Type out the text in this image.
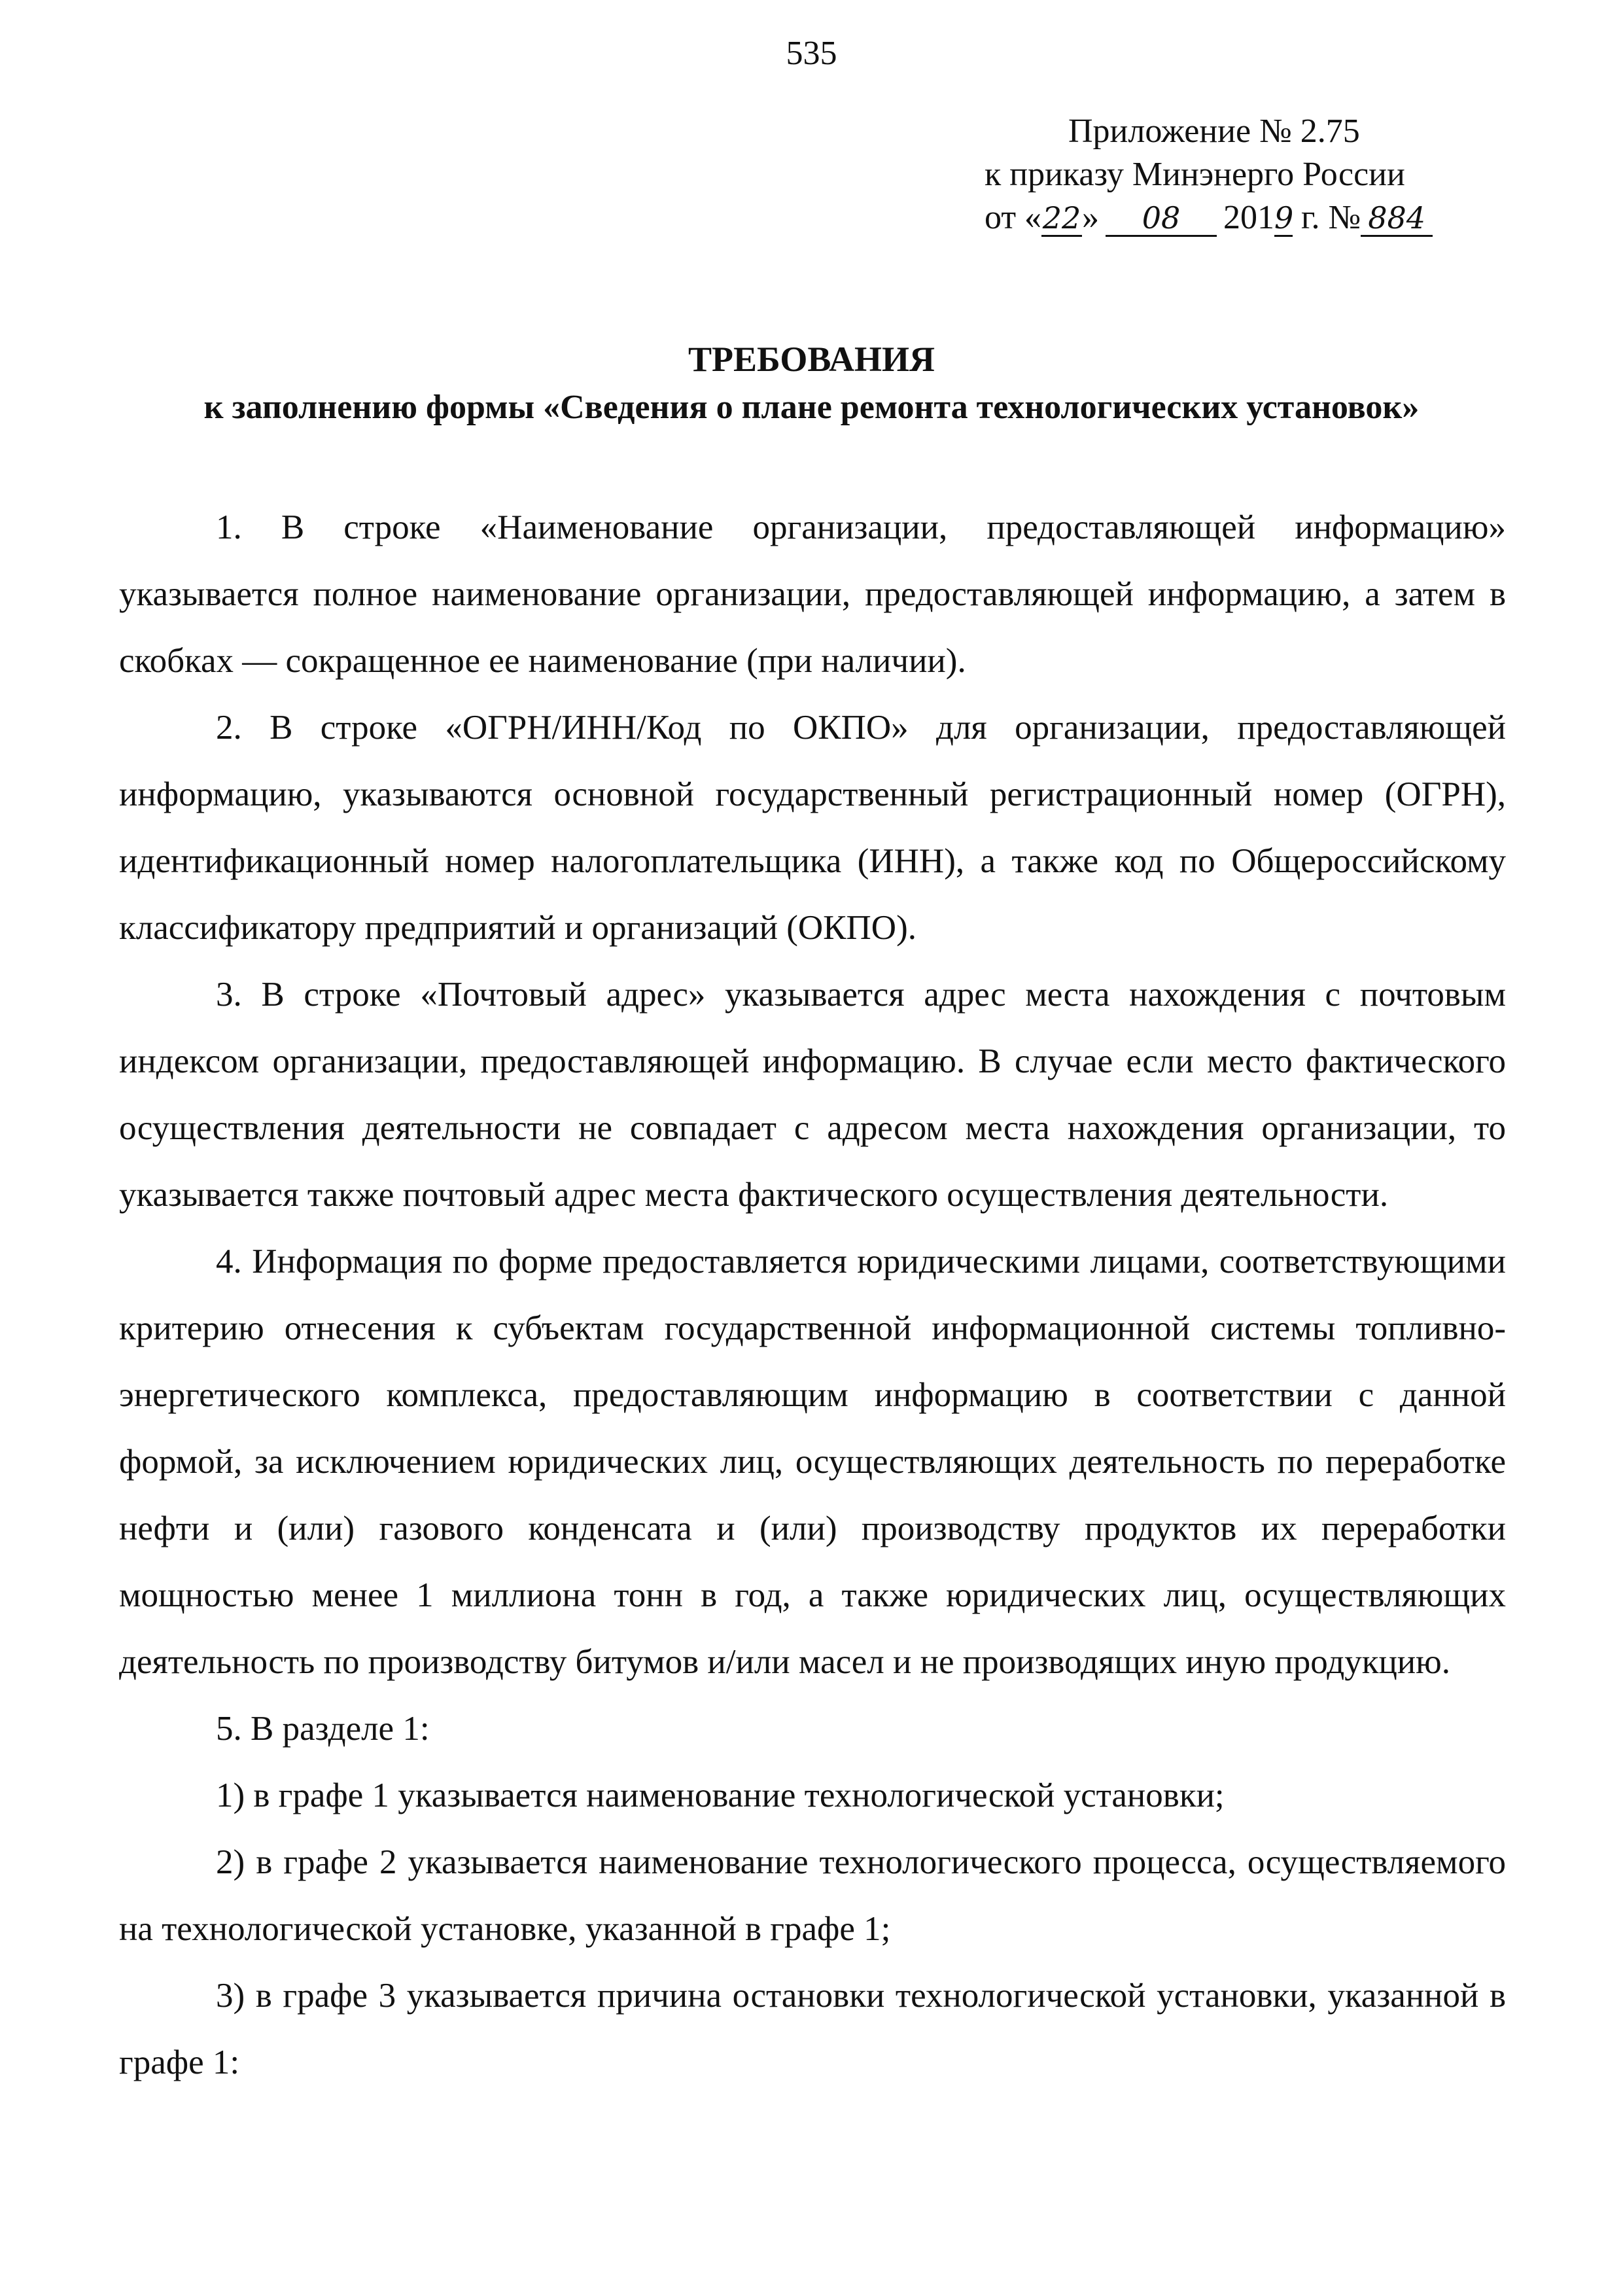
535
Приложение № 2.75
к приказу Минэнерго России
от «22» 08 2019 г. № 884
ТРЕБОВАНИЯ
к заполнению формы «Сведения о плане ремонта технологических установок»

1. В строке «Наименование организации, предоставляющей информацию» указывается полное наименование организации, предоставляющей информацию, а затем в скобках — сокращенное ее наименование (при наличии).

2. В строке «ОГРН/ИНН/Код по ОКПО» для организации, предоставляющей информацию, указываются основной государственный регистрационный номер (ОГРН), идентификационный номер налогоплательщика (ИНН), а также код по Общероссийскому классификатору предприятий и организаций (ОКПО).

3. В строке «Почтовый адрес» указывается адрес места нахождения с почтовым индексом организации, предоставляющей информацию. В случае если место фактического осуществления деятельности не совпадает с адресом места нахождения организации, то указывается также почтовый адрес места фактического осуществления деятельности.

4. Информация по форме предоставляется юридическими лицами, соответствующими критерию отнесения к субъектам государственной информационной системы топливно-энергетического комплекса, предоставляющим информацию в соответствии с данной формой, за исключением юридических лиц, осуществляющих деятельность по переработке нефти и (или) газового конденсата и (или) производству продуктов их переработки мощностью менее 1 миллиона тонн в год, а также юридических лиц, осуществляющих деятельность по производству битумов и/или масел и не производящих иную продукцию.

5. В разделе 1:

1) в графе 1 указывается наименование технологической установки;

2) в графе 2 указывается наименование технологического процесса, осуществляемого на технологической установке, указанной в графе 1;

3) в графе 3 указывается причина остановки технологической установки, указанной в графе 1:
